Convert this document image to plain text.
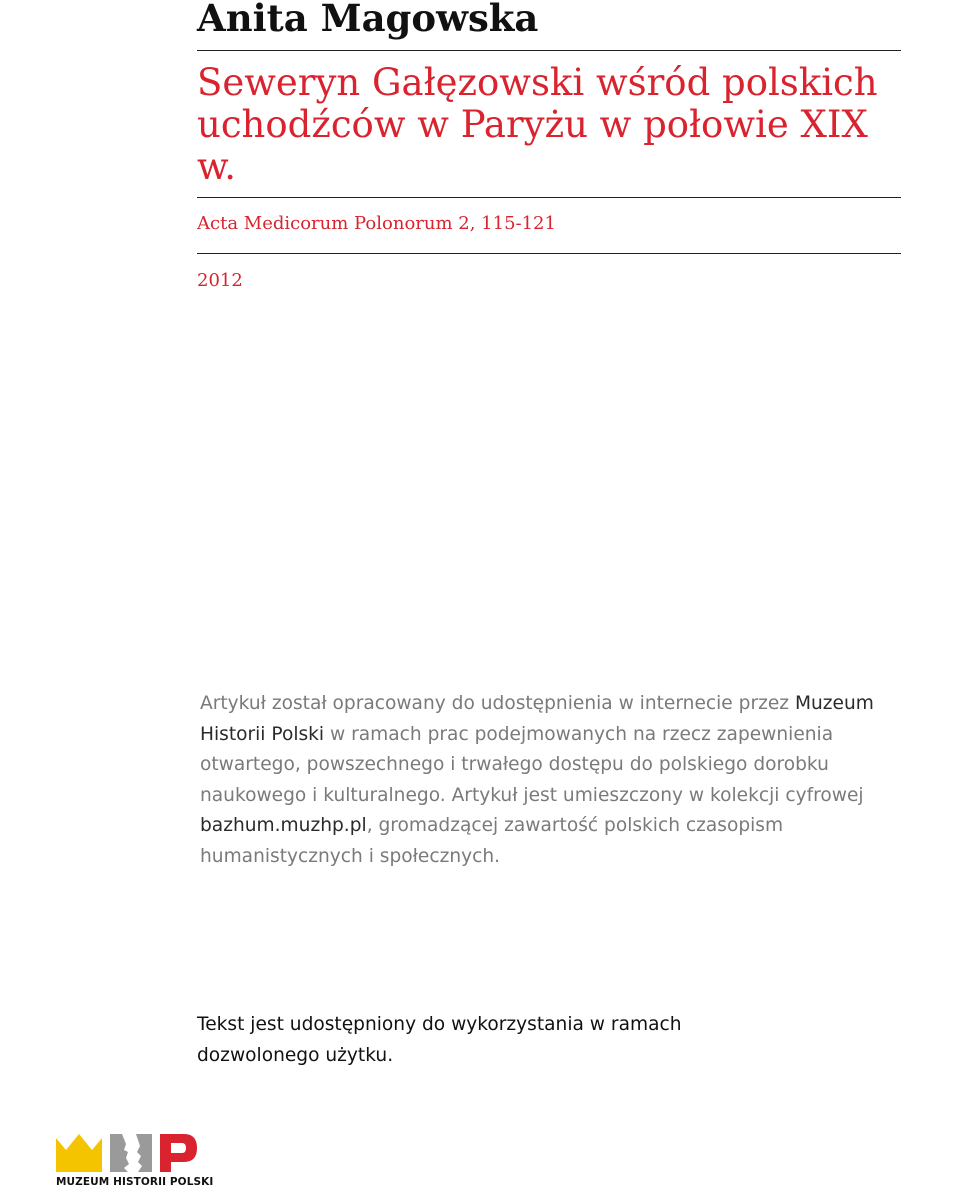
Anita Magowska
Seweryn Gałęzowski wśród polskich uchodźców w Paryżu w połowie XIX w.
Acta Medicorum Polonorum 2, 115-121
2012

Artykuł został opracowany do udostępnienia w internecie przez Muzeum Historii Polski w ramach prac podejmowanych na rzecz zapewnienia otwartego, powszechnego i trwałego dostępu do polskiego dorobku naukowego i kulturalnego. Artykuł jest umieszczony w kolekcji cyfrowej bazhum.muzhp.pl, gromadzącej zawartość polskich czasopism humanistycznych i społecznych.

Tekst jest udostępniony do wykorzystania w ramach dozwolonego użytku.

MUZEUM HISTORII POLSKI
